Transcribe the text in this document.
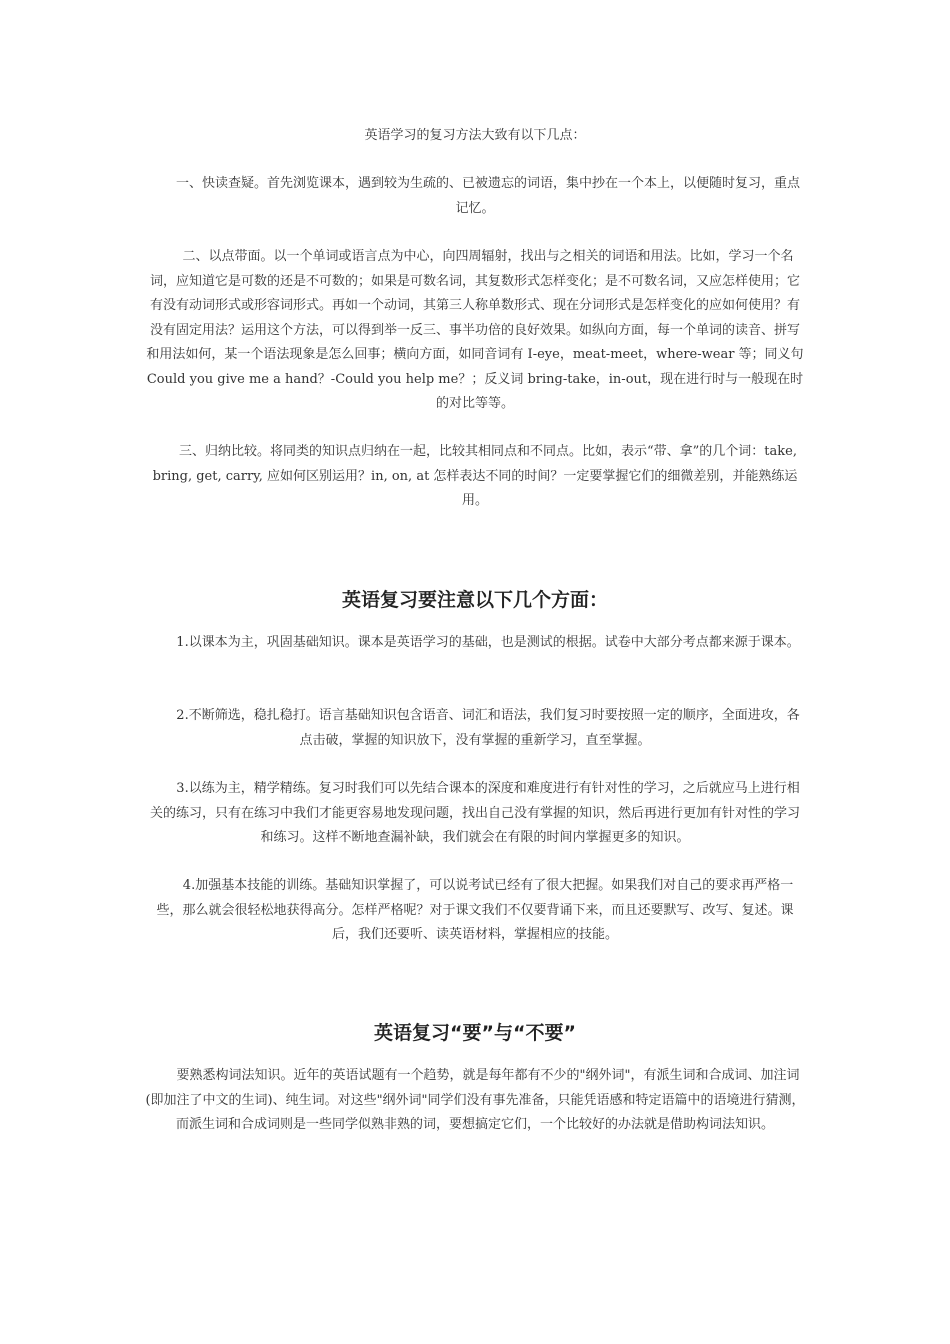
英语学习的复习方法大致有以下几点：

一、快读查疑。首先浏览课本，遇到较为生疏的、已被遗忘的词语，集中抄在一个本上，以便随时复习，重点记忆。

二、以点带面。以一个单词或语言点为中心，向四周辐射，找出与之相关的词语和用法。比如，学习一个名词，应知道它是可数的还是不可数的；如果是可数名词，其复数形式怎样变化；是不可数名词，又应怎样使用；它有没有动词形式或形容词形式。再如一个动词，其第三人称单数形式、现在分词形式是怎样变化的应如何使用？有没有固定用法？运用这个方法，可以得到举一反三、事半功倍的良好效果。如纵向方面，每一个单词的读音、拼写和用法如何，某一个语法现象是怎么回事；横向方面，如同音词有 I-eye，meat-meet，where-wear 等；同义句 Could you give me a hand？-Could you help me？；反义词 bring-take，in-out，现在进行时与一般现在时的对比等等。

三、归纳比较。将同类的知识点归纳在一起，比较其相同点和不同点。比如，表示“带、拿”的几个词：take, bring, get, carry, 应如何区别运用？in, on, at 怎样表达不同的时间？一定要掌握它们的细微差别，并能熟练运用。

英语复习要注意以下几个方面：

1.以课本为主，巩固基础知识。课本是英语学习的基础，也是测试的根据。试卷中大部分考点都来源于课本。

2.不断筛选，稳扎稳打。语言基础知识包含语音、词汇和语法，我们复习时要按照一定的顺序，全面进攻，各点击破，掌握的知识放下，没有掌握的重新学习，直至掌握。

3.以练为主，精学精练。复习时我们可以先结合课本的深度和难度进行有针对性的学习，之后就应马上进行相关的练习，只有在练习中我们才能更容易地发现问题，找出自己没有掌握的知识，然后再进行更加有针对性的学习和练习。这样不断地查漏补缺，我们就会在有限的时间内掌握更多的知识。

4.加强基本技能的训练。基础知识掌握了，可以说考试已经有了很大把握。如果我们对自己的要求再严格一些，那么就会很轻松地获得高分。怎样严格呢？对于课文我们不仅要背诵下来，而且还要默写、改写、复述。课后，我们还要听、读英语材料，掌握相应的技能。

英语复习“要”与“不要”

要熟悉构词法知识。近年的英语试题有一个趋势，就是每年都有不少的"纲外词"，有派生词和合成词、加注词(即加注了中文的生词)、纯生词。对这些"纲外词"同学们没有事先准备，只能凭语感和特定语篇中的语境进行猜测，而派生词和合成词则是一些同学似熟非熟的词，要想搞定它们，一个比较好的办法就是借助构词法知识。
